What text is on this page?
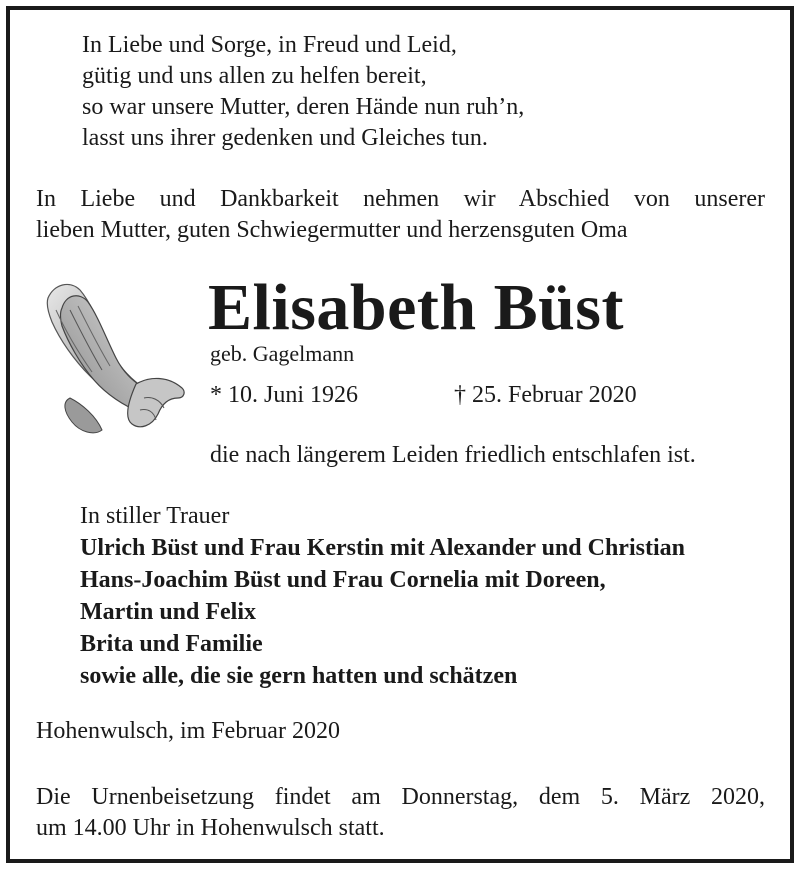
In Liebe und Sorge, in Freud und Leid,
gütig und uns allen zu helfen bereit,
so war unsere Mutter, deren Hände nun ruh’n,
lasst uns ihrer gedenken und Gleiches tun.
In Liebe und Dankbarkeit nehmen wir Abschied von unserer
lieben Mutter, guten Schwiegermutter und herzensguten Oma
Elisabeth Büst
geb. Gagelmann
* 10. Juni 1926	† 25. Februar 2020
die nach längerem Leiden friedlich entschlafen ist.
In stiller Trauer
Ulrich Büst und Frau Kerstin mit Alexander und Christian
Hans-Joachim Büst und Frau Cornelia mit Doreen,
Martin und Felix
Brita und Familie
sowie alle, die sie gern hatten und schätzen
Hohenwulsch, im Februar 2020
Die Urnenbeisetzung findet am Donnerstag, dem 5. März 2020,
um 14.00 Uhr in Hohenwulsch statt.
